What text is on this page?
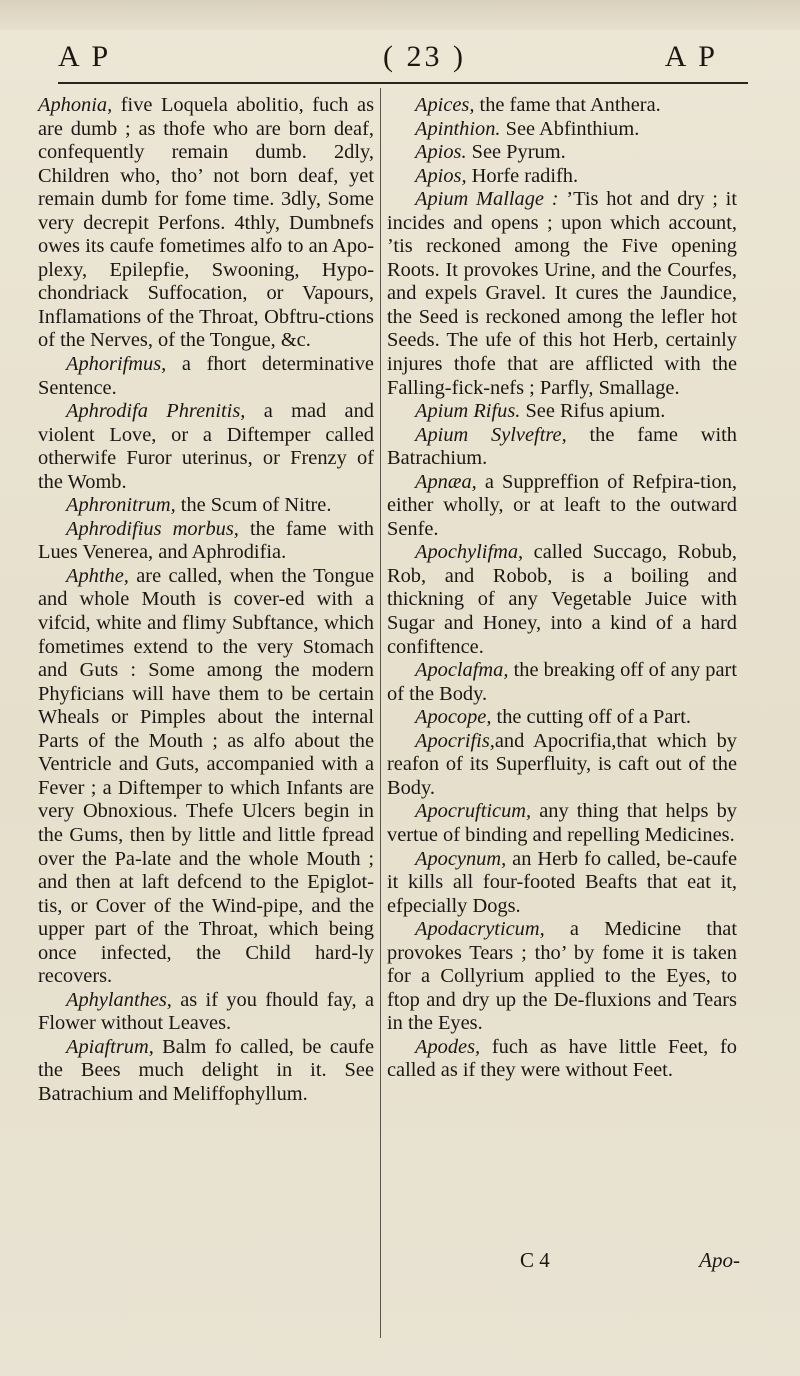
A P	( 23 )	A P

Aphonia, five Loquela abolitio, fuch as are dumb ; as thofe who are born deaf, confequently remain dumb. 2dly, Children who, tho’ not born deaf, yet remain dumb for fome time. 3dly, Some very decrepit Perfons. 4thly, Dumbnefs owes its caufe fometimes alfo to an Apo-plexy, Epilepfie, Swooning, Hypo-chondriack Suffocation, or Vapours, Inflamations of the Throat, Obftru-ctions of the Nerves, of the Tongue, &c.

Aphorifmus, a fhort determinative Sentence.

Aphrodifa Phrenitis, a mad and violent Love, or a Diftemper called otherwife Furor uterinus, or Frenzy of the Womb.

Aphronitrum, the Scum of Nitre.

Aphrodifius morbus, the fame with Lues Venerea, and Aphrodifia.

Aphthe, are called, when the Tongue and whole Mouth is cover-ed with a vifcid, white and flimy Subftance, which fometimes extend to the very Stomach and Guts : Some among the modern Phyficians will have them to be certain Wheals or Pimples about the internal Parts of the Mouth ; as alfo about the Ventricle and Guts, accompanied with a Fever ; a Diftemper to which Infants are very Obnoxious. Thefe Ulcers begin in the Gums, then by little and little fpread over the Pa-late and the whole Mouth ; and then at laft defcend to the Epiglot-tis, or Cover of the Wind-pipe, and the upper part of the Throat, which being once infected, the Child hard-ly recovers.

Aphylanthes, as if you fhould fay, a Flower without Leaves.

Apiaftrum, Balm fo called, be caufe the Bees much delight in it. See Batrachium and Meliffophyllum.

Apices, the fame that Anthera.

Apinthion. See Abfinthium.

Apios. See Pyrum.

Apios, Horfe radifh.

Apium Mallage : ’Tis hot and dry ; it incides and opens ; upon which account, ’tis reckoned among the Five opening Roots. It provokes Urine, and the Courfes, and expels Gravel. It cures the Jaundice, the Seed is reckoned among the lefler hot Seeds. The ufe of this hot Herb, certainly injures thofe that are afflicted with the Falling-fick-nefs ; Parfly, Smallage.

Apium Rifus. See Rifus apium.

Apium Sylveftre, the fame with Batrachium.

Apnæa, a Suppreffion of Refpira-tion, either wholly, or at leaft to the outward Senfe.

Apochylifma, called Succago, Robub, Rob, and Robob, is a boiling and thickning of any Vegetable Juice with Sugar and Honey, into a kind of a hard confiftence.

Apoclafma, the breaking off of any part of the Body.

Apocope, the cutting off of a Part.

Apocrifis,and Apocrifia,that which by reafon of its Superfluity, is caft out of the Body.

Apocrufticum, any thing that helps by vertue of binding and repelling Medicines.

Apocynum, an Herb fo called, be-caufe it kills all four-footed Beafts that eat it, efpecially Dogs.

Apodacryticum, a Medicine that provokes Tears ; tho’ by fome it is taken for a Collyrium applied to the Eyes, to ftop and dry up the De-fluxions and Tears in the Eyes.

Apodes, fuch as have little Feet, fo called as if they were without Feet.

C 4	Apo-
